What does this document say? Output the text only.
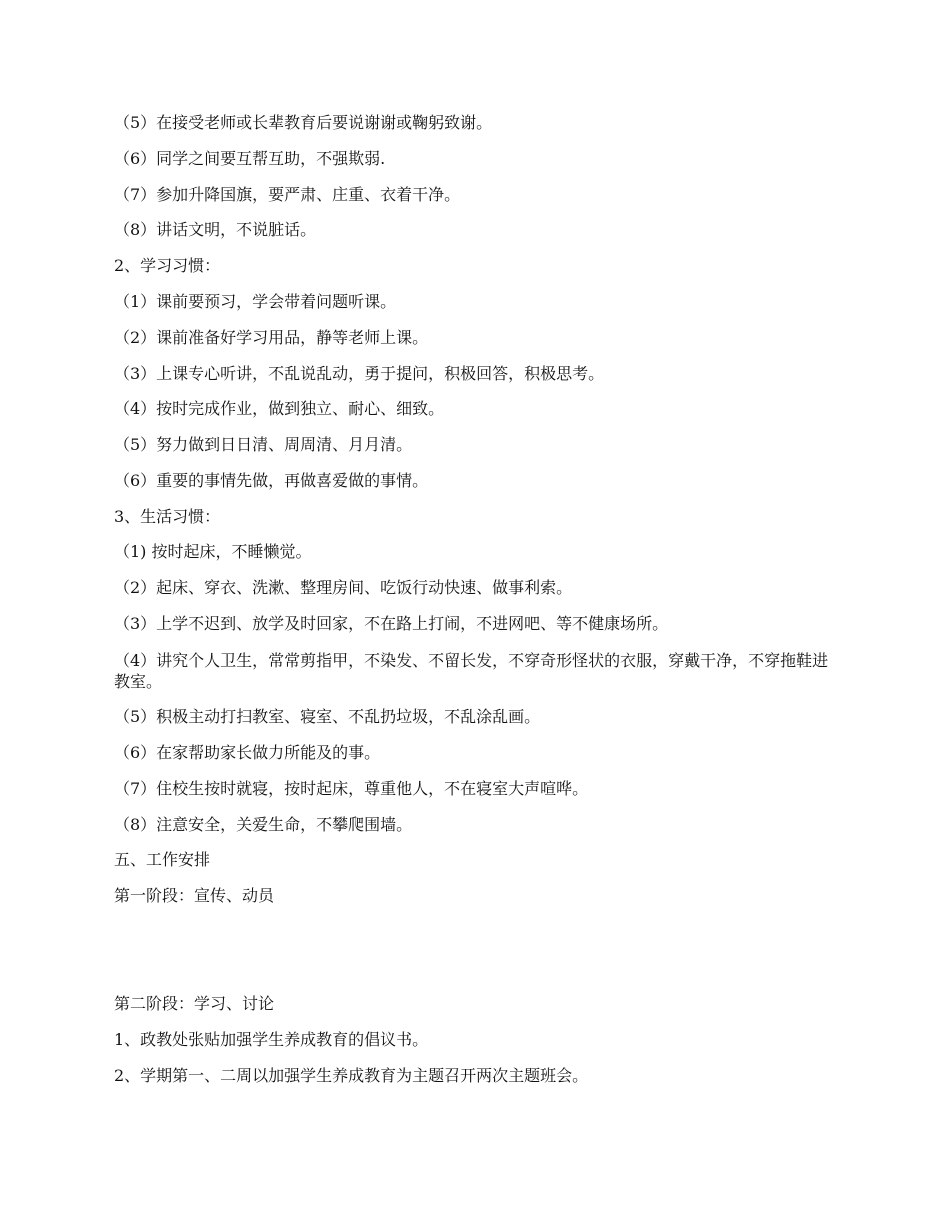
（5）在接受老师或长辈教育后要说谢谢或鞠躬致谢。
（6）同学之间要互帮互助，不强欺弱.
（7）参加升降国旗，要严肃、庄重、衣着干净。
（8）讲话文明，不说脏话。
2、学习习惯：
（1）课前要预习，学会带着问题听课。
（2）课前准备好学习用品，静等老师上课。
（3）上课专心听讲，不乱说乱动，勇于提问，积极回答，积极思考。
（4）按时完成作业，做到独立、耐心、细致。
（5）努力做到日日清、周周清、月月清。
（6）重要的事情先做，再做喜爱做的事情。
3、生活习惯：
（1) 按时起床，不睡懒觉。
（2）起床、穿衣、洗漱、整理房间、吃饭行动快速、做事利索。
（3）上学不迟到、放学及时回家，不在路上打闹，不进网吧、等不健康场所。
（4）讲究个人卫生，常常剪指甲，不染发、不留长发，不穿奇形怪状的衣服，穿戴干净，不穿拖鞋进教室。
（5）积极主动打扫教室、寝室、不乱扔垃圾，不乱涂乱画。
（6）在家帮助家长做力所能及的事。
（7）住校生按时就寝，按时起床，尊重他人，不在寝室大声喧哗。
（8）注意安全，关爱生命，不攀爬围墙。
五、工作安排
第一阶段：宣传、动员
第二阶段：学习、讨论
1、政教处张贴加强学生养成教育的倡议书。
2、学期第一、二周以加强学生养成教育为主题召开两次主题班会。
